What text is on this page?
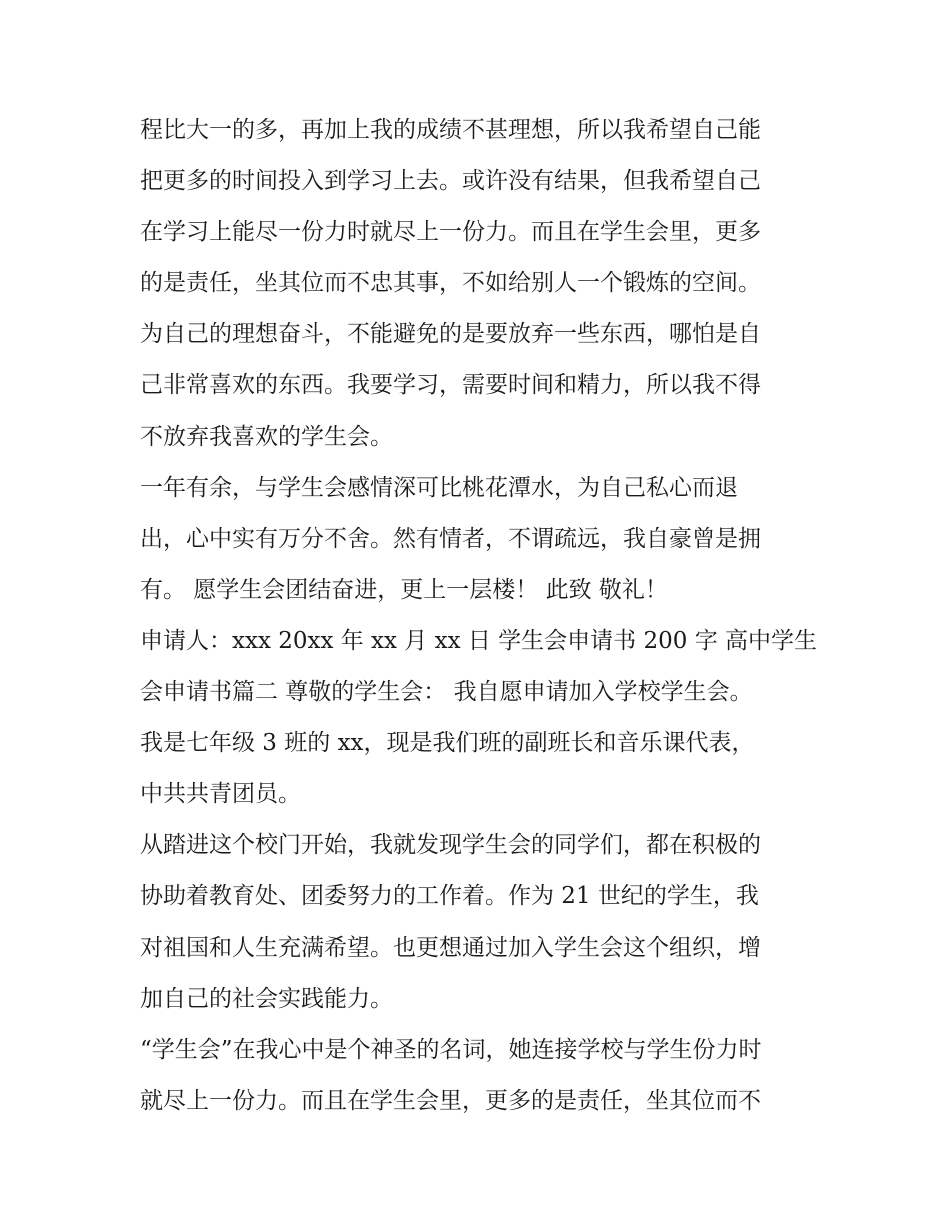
程比大一的多，再加上我的成绩不甚理想，所以我希望自己能
把更多的时间投入到学习上去。或许没有结果，但我希望自己
在学习上能尽一份力时就尽上一份力。而且在学生会里，更多
的是责任，坐其位而不忠其事，不如给别人一个锻炼的空间。
为自己的理想奋斗，不能避免的是要放弃一些东西，哪怕是自
己非常喜欢的东西。我要学习，需要时间和精力，所以我不得
不放弃我喜欢的学生会。
一年有余，与学生会感情深可比桃花潭水，为自己私心而退
出，心中实有万分不舍。然有情者，不谓疏远，我自豪曾是拥
有。 愿学生会团结奋进，更上一层楼！ 此致 敬礼！
申请人：xxx 20xx 年 xx 月 xx 日 学生会申请书 200 字 高中学生
会申请书篇二 尊敬的学生会： 我自愿申请加入学校学生会。
我是七年级 3 班的 xx，现是我们班的副班长和音乐课代表，
中共共青团员。
从踏进这个校门开始，我就发现学生会的同学们，都在积极的
协助着教育处、团委努力的工作着。作为 21 世纪的学生，我
对祖国和人生充满希望。也更想通过加入学生会这个组织，增
加自己的社会实践能力。
“学生会”在我心中是个神圣的名词，她连接学校与学生份力时
就尽上一份力。而且在学生会里，更多的是责任，坐其位而不
